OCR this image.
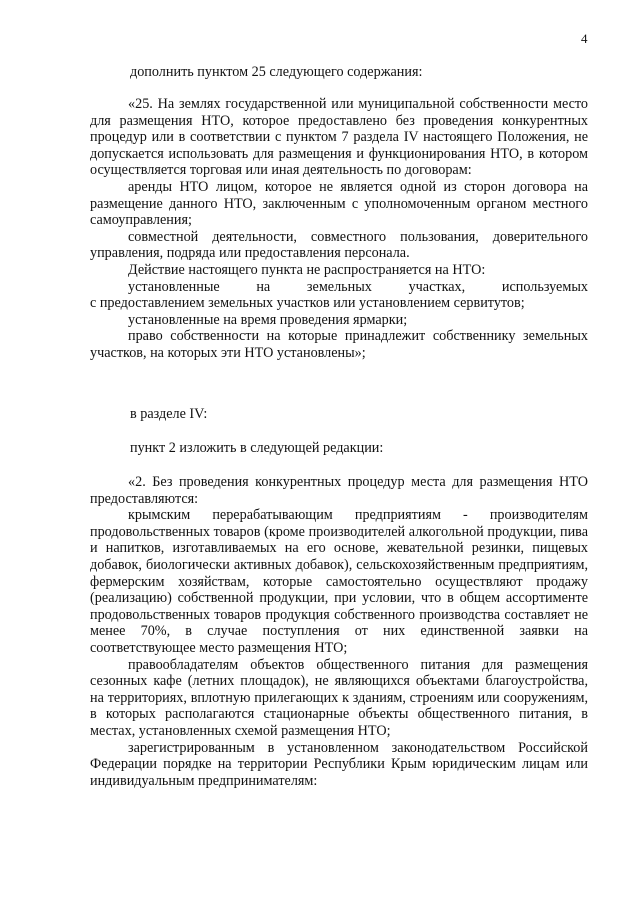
4
дополнить пунктом 25 следующего содержания:

«25. На землях государственной или муниципальной собственности место для размещения НТО, которое предоставлено без проведения конкурентных процедур или в соответствии с пунктом 7 раздела IV настоящего Положения, не допускается использовать для размещения и функционирования НТО, в котором осуществляется торговая или иная деятельность по договорам:

аренды НТО лицом, которое не является одной из сторон договора на размещение данного НТО, заключенным с уполномоченным органом местного самоуправления;

совместной деятельности, совместного пользования, доверительного управления, подряда или предоставления персонала.

Действие настоящего пункта не распространяется на НТО:

установленные	на	земельных	участках,	используемых

с предоставлением земельных участков или установлением сервитутов;

установленные на время проведения ярмарки;

право собственности на которые принадлежит собственнику земельных участков, на которых эти НТО установлены»;

в разделе IV:
пункт 2 изложить в следующей редакции:

«2. Без проведения конкурентных процедур места для размещения НТО предоставляются:

крымским перерабатывающим предприятиям - производителям продовольственных товаров (кроме производителей алкогольной продукции, пива и напитков, изготавливаемых на его основе, жевательной резинки, пищевых добавок, биологически активных добавок), сельскохозяйственным предприятиям, фермерским хозяйствам, которые самостоятельно осуществляют продажу (реализацию) собственной продукции, при условии, что в общем ассортименте продовольственных товаров продукция собственного производства составляет не менее 70%, в случае поступления от них единственной заявки на соответствующее место размещения НТО;

правообладателям объектов общественного питания для размещения сезонных кафе (летних площадок), не являющихся объектами благоустройства, на территориях, вплотную прилегающих к зданиям, строениям или сооружениям, в которых располагаются стационарные объекты общественного питания, в местах, установленных схемой размещения НТО;

зарегистрированным в установленном законодательством Российской Федерации порядке на территории Республики Крым юридическим лицам или индивидуальным предпринимателям:
